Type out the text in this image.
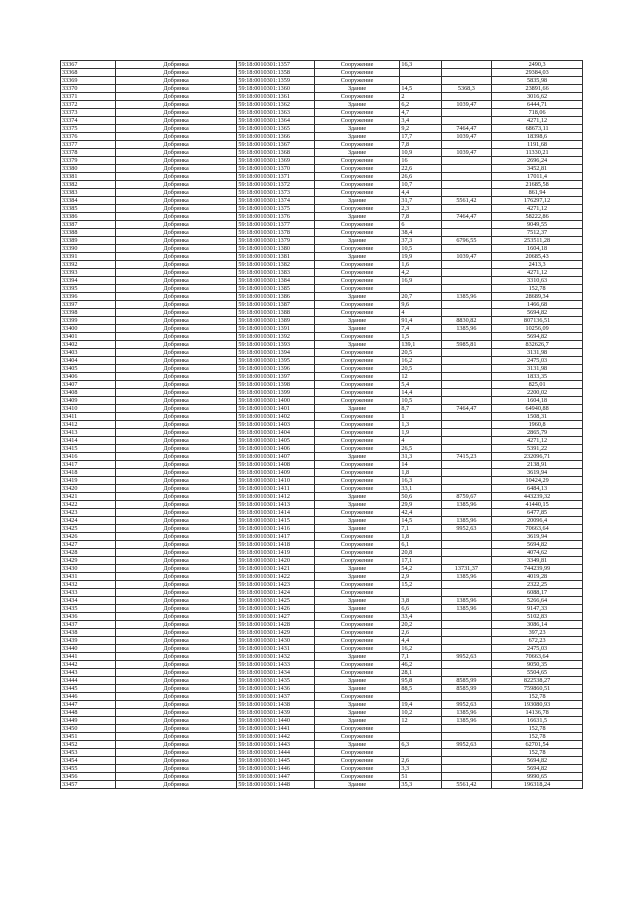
33367	Добрянка	59:18:0010301:1357	Сооружение	16,3		2490,3
33368	Добрянка	59:18:0010301:1358	Сооружение			29384,03
33369	Добрянка	59:18:0010301:1359	Сооружение			5835,98
33370	Добрянка	59:18:0010301:1360	Здание	14,5	5368,3	23891,66
33371	Добрянка	59:18:0010301:1361	Сооружение	2		3016,62
33372	Добрянка	59:18:0010301:1362	Здание	6,2	1039,47	6444,71
33373	Добрянка	59:18:0010301:1363	Сооружение	4,7		718,06
33374	Добрянка	59:18:0010301:1364	Сооружение	3,4		4271,12
33375	Добрянка	59:18:0010301:1365	Здание	9,2	7464,47	68673,11
33376	Добрянка	59:18:0010301:1366	Здание	17,7	1039,47	18398,6
33377	Добрянка	59:18:0010301:1367	Сооружение	7,8		1191,68
33378	Добрянка	59:18:0010301:1368	Здание	10,9	1039,47	11330,21
33379	Добрянка	59:18:0010301:1369	Сооружение	16		2696,24
33380	Добрянка	59:18:0010301:1370	Сооружение	22,6		3452,81
33381	Добрянка	59:18:0010301:1371	Сооружение	26,6		17011,4
33382	Добрянка	59:18:0010301:1372	Сооружение	10,7		21685,58
33383	Добрянка	59:18:0010301:1373	Сооружение	4,4		861,94
33384	Добрянка	59:18:0010301:1374	Здание	31,7	5561,42	176297,12
33385	Добрянка	59:18:0010301:1375	Сооружение	2,3		4271,12
33386	Добрянка	59:18:0010301:1376	Здание	7,8	7464,47	58222,86
33387	Добрянка	59:18:0010301:1377	Сооружение	6		9049,55
33388	Добрянка	59:18:0010301:1378	Сооружение	38,4		7512,37
33389	Добрянка	59:18:0010301:1379	Здание	37,3	6796,55	253511,28
33390	Добрянка	59:18:0010301:1380	Сооружение	10,5		1604,18
33391	Добрянка	59:18:0010301:1381	Здание	19,9	1039,47	20685,43
33392	Добрянка	59:18:0010301:1382	Сооружение	1,6		2413,3
33393	Добрянка	59:18:0010301:1383	Сооружение	4,2		4271,12
33394	Добрянка	59:18:0010301:1384	Сооружение	16,9		3310,63
33395	Добрянка	59:18:0010301:1385	Сооружение			152,78
33396	Добрянка	59:18:0010301:1386	Здание	20,7	1385,96	28689,34
33397	Добрянка	59:18:0010301:1387	Сооружение	9,6		1466,68
33398	Добрянка	59:18:0010301:1388	Сооружение	4		5694,82
33399	Добрянка	59:18:0010301:1389	Здание	91,4	8830,82	807136,51
33400	Добрянка	59:18:0010301:1391	Здание	7,4	1385,96	10256,09
33401	Добрянка	59:18:0010301:1392	Сооружение	1,5		5694,82
33402	Добрянка	59:18:0010301:1393	Здание	139,1	5985,81	832626,7
33403	Добрянка	59:18:0010301:1394	Сооружение	20,5		3131,98
33404	Добрянка	59:18:0010301:1395	Сооружение	16,2		2475,03
33405	Добрянка	59:18:0010301:1396	Сооружение	20,5		3131,98
33406	Добрянка	59:18:0010301:1397	Сооружение	12		1833,35
33407	Добрянка	59:18:0010301:1398	Сооружение	5,4		825,01
33408	Добрянка	59:18:0010301:1399	Сооружение	14,4		2200,02
33409	Добрянка	59:18:0010301:1400	Сооружение	10,5		1604,18
33410	Добрянка	59:18:0010301:1401	Здание	8,7	7464,47	64940,88
33411	Добрянка	59:18:0010301:1402	Сооружение	1		1508,31
33412	Добрянка	59:18:0010301:1403	Сооружение	1,3		1960,8
33413	Добрянка	59:18:0010301:1404	Сооружение	1,9		2865,79
33414	Добрянка	59:18:0010301:1405	Сооружение	4		4271,12
33415	Добрянка	59:18:0010301:1406	Сооружение	26,5		5391,22
33416	Добрянка	59:18:0010301:1407	Здание	31,3	7415,23	232096,71
33417	Добрянка	59:18:0010301:1408	Сооружение	14		2138,91
33418	Добрянка	59:18:0010301:1409	Сооружение	1,8		3619,94
33419	Добрянка	59:18:0010301:1410	Сооружение	16,3		10424,29
33420	Добрянка	59:18:0010301:1411	Сооружение	33,1		6484,13
33421	Добрянка	59:18:0010301:1412	Здание	50,6	8759,67	443239,32
33422	Добрянка	59:18:0010301:1413	Здание	29,9	1385,96	41440,15
33423	Добрянка	59:18:0010301:1414	Сооружение	42,4		6477,85
33424	Добрянка	59:18:0010301:1415	Здание	14,5	1385,96	20096,4
33425	Добрянка	59:18:0010301:1416	Здание	7,1	9952,63	70663,64
33426	Добрянка	59:18:0010301:1417	Сооружение	1,8		3619,94
33427	Добрянка	59:18:0010301:1418	Сооружение	6,1		5694,82
33428	Добрянка	59:18:0010301:1419	Сооружение	20,8		4074,62
33429	Добрянка	59:18:0010301:1420	Сооружение	17,1		3349,81
33430	Добрянка	59:18:0010301:1421	Здание	54,2	13731,37	744239,99
33431	Добрянка	59:18:0010301:1422	Здание	2,9	1385,96	4019,28
33432	Добрянка	59:18:0010301:1423	Сооружение	15,2		2322,25
33433	Добрянка	59:18:0010301:1424	Сооружение			6088,17
33434	Добрянка	59:18:0010301:1425	Здание	3,8	1385,96	5266,64
33435	Добрянка	59:18:0010301:1426	Здание	6,6	1385,96	9147,33
33436	Добрянка	59:18:0010301:1427	Сооружение	33,4		5102,83
33437	Добрянка	59:18:0010301:1428	Сооружение	20,2		3086,14
33438	Добрянка	59:18:0010301:1429	Сооружение	2,6		397,23
33439	Добрянка	59:18:0010301:1430	Сооружение	4,4		672,23
33440	Добрянка	59:18:0010301:1431	Сооружение	16,2		2475,03
33441	Добрянка	59:18:0010301:1432	Здание	7,1	9952,63	70663,64
33442	Добрянка	59:18:0010301:1433	Сооружение	46,2		9050,35
33443	Добрянка	59:18:0010301:1434	Сооружение	28,1		5504,65
33444	Добрянка	59:18:0010301:1435	Здание	95,8	8585,99	822538,27
33445	Добрянка	59:18:0010301:1436	Здание	88,5	8585,99	759860,51
33446	Добрянка	59:18:0010301:1437	Сооружение			152,78
33447	Добрянка	59:18:0010301:1438	Здание	19,4	9952,63	193080,93
33448	Добрянка	59:18:0010301:1439	Здание	10,2	1385,96	14136,78
33449	Добрянка	59:18:0010301:1440	Здание	12	1385,96	16631,5
33450	Добрянка	59:18:0010301:1441	Сооружение			152,78
33451	Добрянка	59:18:0010301:1442	Сооружение			152,78
33452	Добрянка	59:18:0010301:1443	Здание	6,3	9952,63	62701,54
33453	Добрянка	59:18:0010301:1444	Сооружение			152,78
33454	Добрянка	59:18:0010301:1445	Сооружение	2,6		5694,82
33455	Добрянка	59:18:0010301:1446	Сооружение	3,3		5694,82
33456	Добрянка	59:18:0010301:1447	Сооружение	51		9990,65
33457	Добрянка	59:18:0010301:1448	Здание	35,3	5561,42	196318,24
